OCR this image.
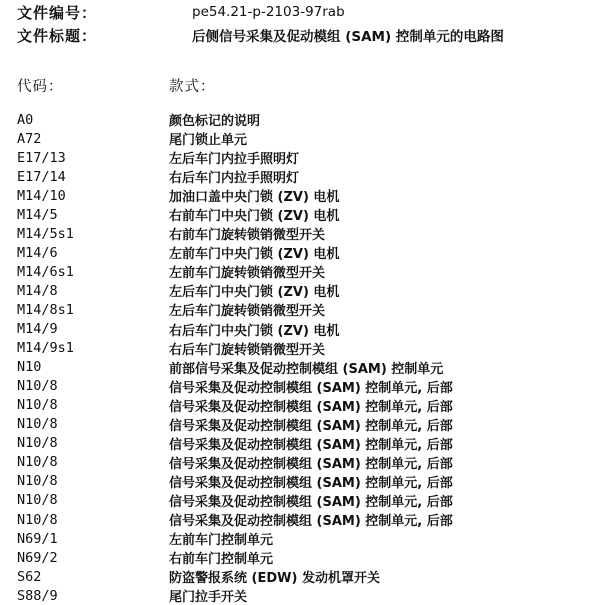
文件编号：	pe54.21-p-2103-97rab
文件标题：	后侧信号采集及促动模组 (SAM) 控制单元的电路图
代码：	款式：
A0	颜色标记的说明
A72	尾门锁止单元
E17/13	左后车门内拉手照明灯
E17/14	右后车门内拉手照明灯
M14/10	加油口盖中央门锁 (ZV) 电机
M14/5	右前车门中央门锁 (ZV) 电机
M14/5s1	右前车门旋转锁销微型开关
M14/6	左前车门中央门锁 (ZV) 电机
M14/6s1	左前车门旋转锁销微型开关
M14/8	左后车门中央门锁 (ZV) 电机
M14/8s1	左后车门旋转锁销微型开关
M14/9	右后车门中央门锁 (ZV) 电机
M14/9s1	右后车门旋转锁销微型开关
N10	前部信号采集及促动控制模组 (SAM) 控制单元
N10/8	信号采集及促动控制模组 (SAM) 控制单元, 后部
N10/8	信号采集及促动控制模组 (SAM) 控制单元, 后部
N10/8	信号采集及促动控制模组 (SAM) 控制单元, 后部
N10/8	信号采集及促动控制模组 (SAM) 控制单元, 后部
N10/8	信号采集及促动控制模组 (SAM) 控制单元, 后部
N10/8	信号采集及促动控制模组 (SAM) 控制单元, 后部
N10/8	信号采集及促动控制模组 (SAM) 控制单元, 后部
N10/8	信号采集及促动控制模组 (SAM) 控制单元, 后部
N69/1	左前车门控制单元
N69/2	右前车门控制单元
S62	防盗警报系统 (EDW) 发动机罩开关
S88/9	尾门拉手开关
